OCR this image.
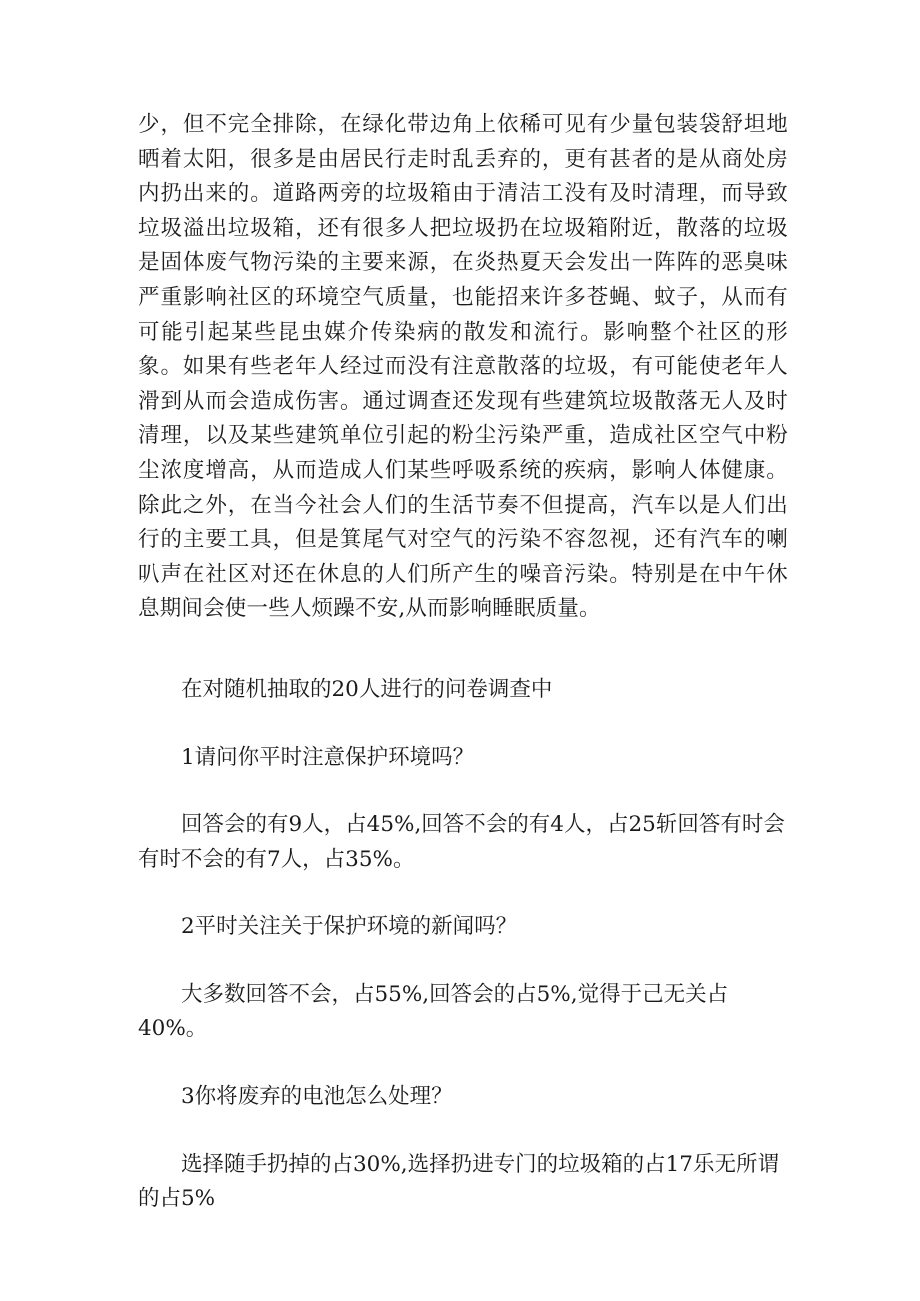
少，但不完全排除，在绿化带边角上依稀可见有少量包装袋舒坦地晒着太阳，很多是由居民行走时乱丢弃的，更有甚者的是从商处房内扔出来的。道路两旁的垃圾箱由于清洁工没有及时清理，而导致垃圾溢出垃圾箱，还有很多人把垃圾扔在垃圾箱附近，散落的垃圾是固体废气物污染的主要来源，在炎热夏天会发出一阵阵的恶臭味严重影响社区的环境空气质量，也能招来许多苍蝇、蚊子，从而有可能引起某些昆虫媒介传染病的散发和流行。影响整个社区的形象。如果有些老年人经过而没有注意散落的垃圾，有可能使老年人滑到从而会造成伤害。通过调查还发现有些建筑垃圾散落无人及时清理，以及某些建筑单位引起的粉尘污染严重，造成社区空气中粉尘浓度增高，从而造成人们某些呼吸系统的疾病，影响人体健康。除此之外，在当今社会人们的生活节奏不但提高，汽车以是人们出行的主要工具，但是箕尾气对空气的污染不容忽视，还有汽车的喇叭声在社区对还在休息的人们所产生的噪音污染。特别是在中午休息期间会使一些人烦躁不安,从而影响睡眠质量。

在对随机抽取的20人进行的问卷调查中

1请问你平时注意保护环境吗？

回答会的有9人，占45%,回答不会的有4人，占25斩回答有时会有时不会的有7人，占35%。

2平时关注关于保护环境的新闻吗？

大多数回答不会，占55%,回答会的占5%,觉得于己无关占40%。

3你将废弃的电池怎么处理？

选择随手扔掉的占30%,选择扔进专门的垃圾箱的占17乐无所谓的占5%
